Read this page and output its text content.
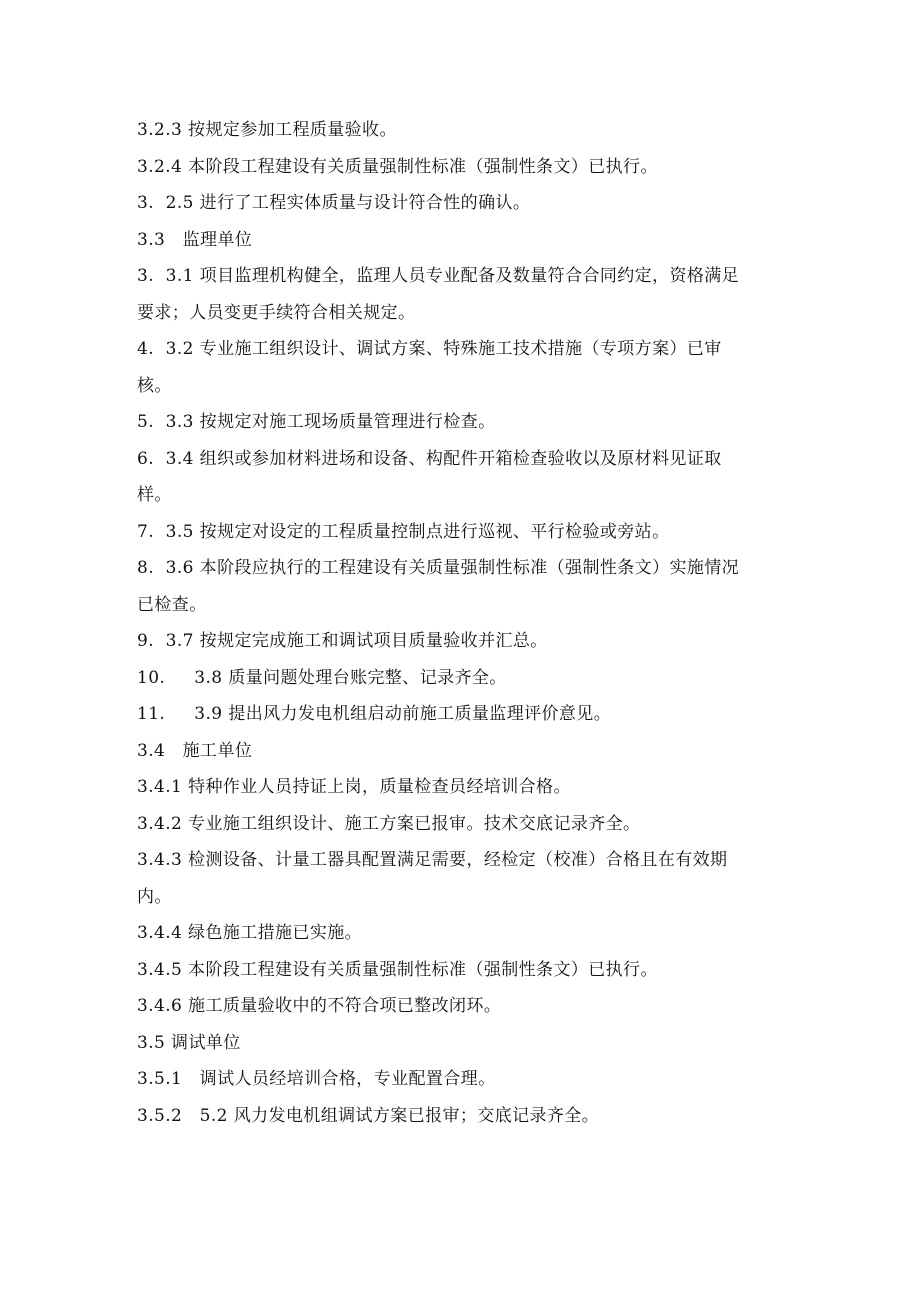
3.2.3 按规定参加工程质量验收。
3.2.4 本阶段工程建设有关质量强制性标准（强制性条文）已执行。
3.  2.5 进行了工程实体质量与设计符合性的确认。
3.3   监理单位
3.  3.1 项目监理机构健全，监理人员专业配备及数量符合合同约定，资格满足
要求；人员变更手续符合相关规定。
4.  3.2 专业施工组织设计、调试方案、特殊施工技术措施（专项方案）已审
核。
5.  3.3 按规定对施工现场质量管理进行检查。
6.  3.4 组织或参加材料进场和设备、构配件开箱检查验收以及原材料见证取
样。
7.  3.5 按规定对设定的工程质量控制点进行巡视、平行检验或旁站。
8.  3.6 本阶段应执行的工程建设有关质量强制性标准（强制性条文）实施情况
已检查。
9.  3.7 按规定完成施工和调试项目质量验收并汇总。
10.     3.8 质量问题处理台账完整、记录齐全。
11.     3.9 提出风力发电机组启动前施工质量监理评价意见。
3.4   施工单位
3.4.1 特种作业人员持证上岗，质量检查员经培训合格。
3.4.2 专业施工组织设计、施工方案已报审。技术交底记录齐全。
3.4.3 检测设备、计量工器具配置满足需要，经检定（校准）合格且在有效期
内。
3.4.4 绿色施工措施已实施。
3.4.5 本阶段工程建设有关质量强制性标准（强制性条文）已执行。
3.4.6 施工质量验收中的不符合项已整改闭环。
3.5 调试单位
3.5.1   调试人员经培训合格，专业配置合理。
3.5.2   5.2 风力发电机组调试方案已报审；交底记录齐全。
